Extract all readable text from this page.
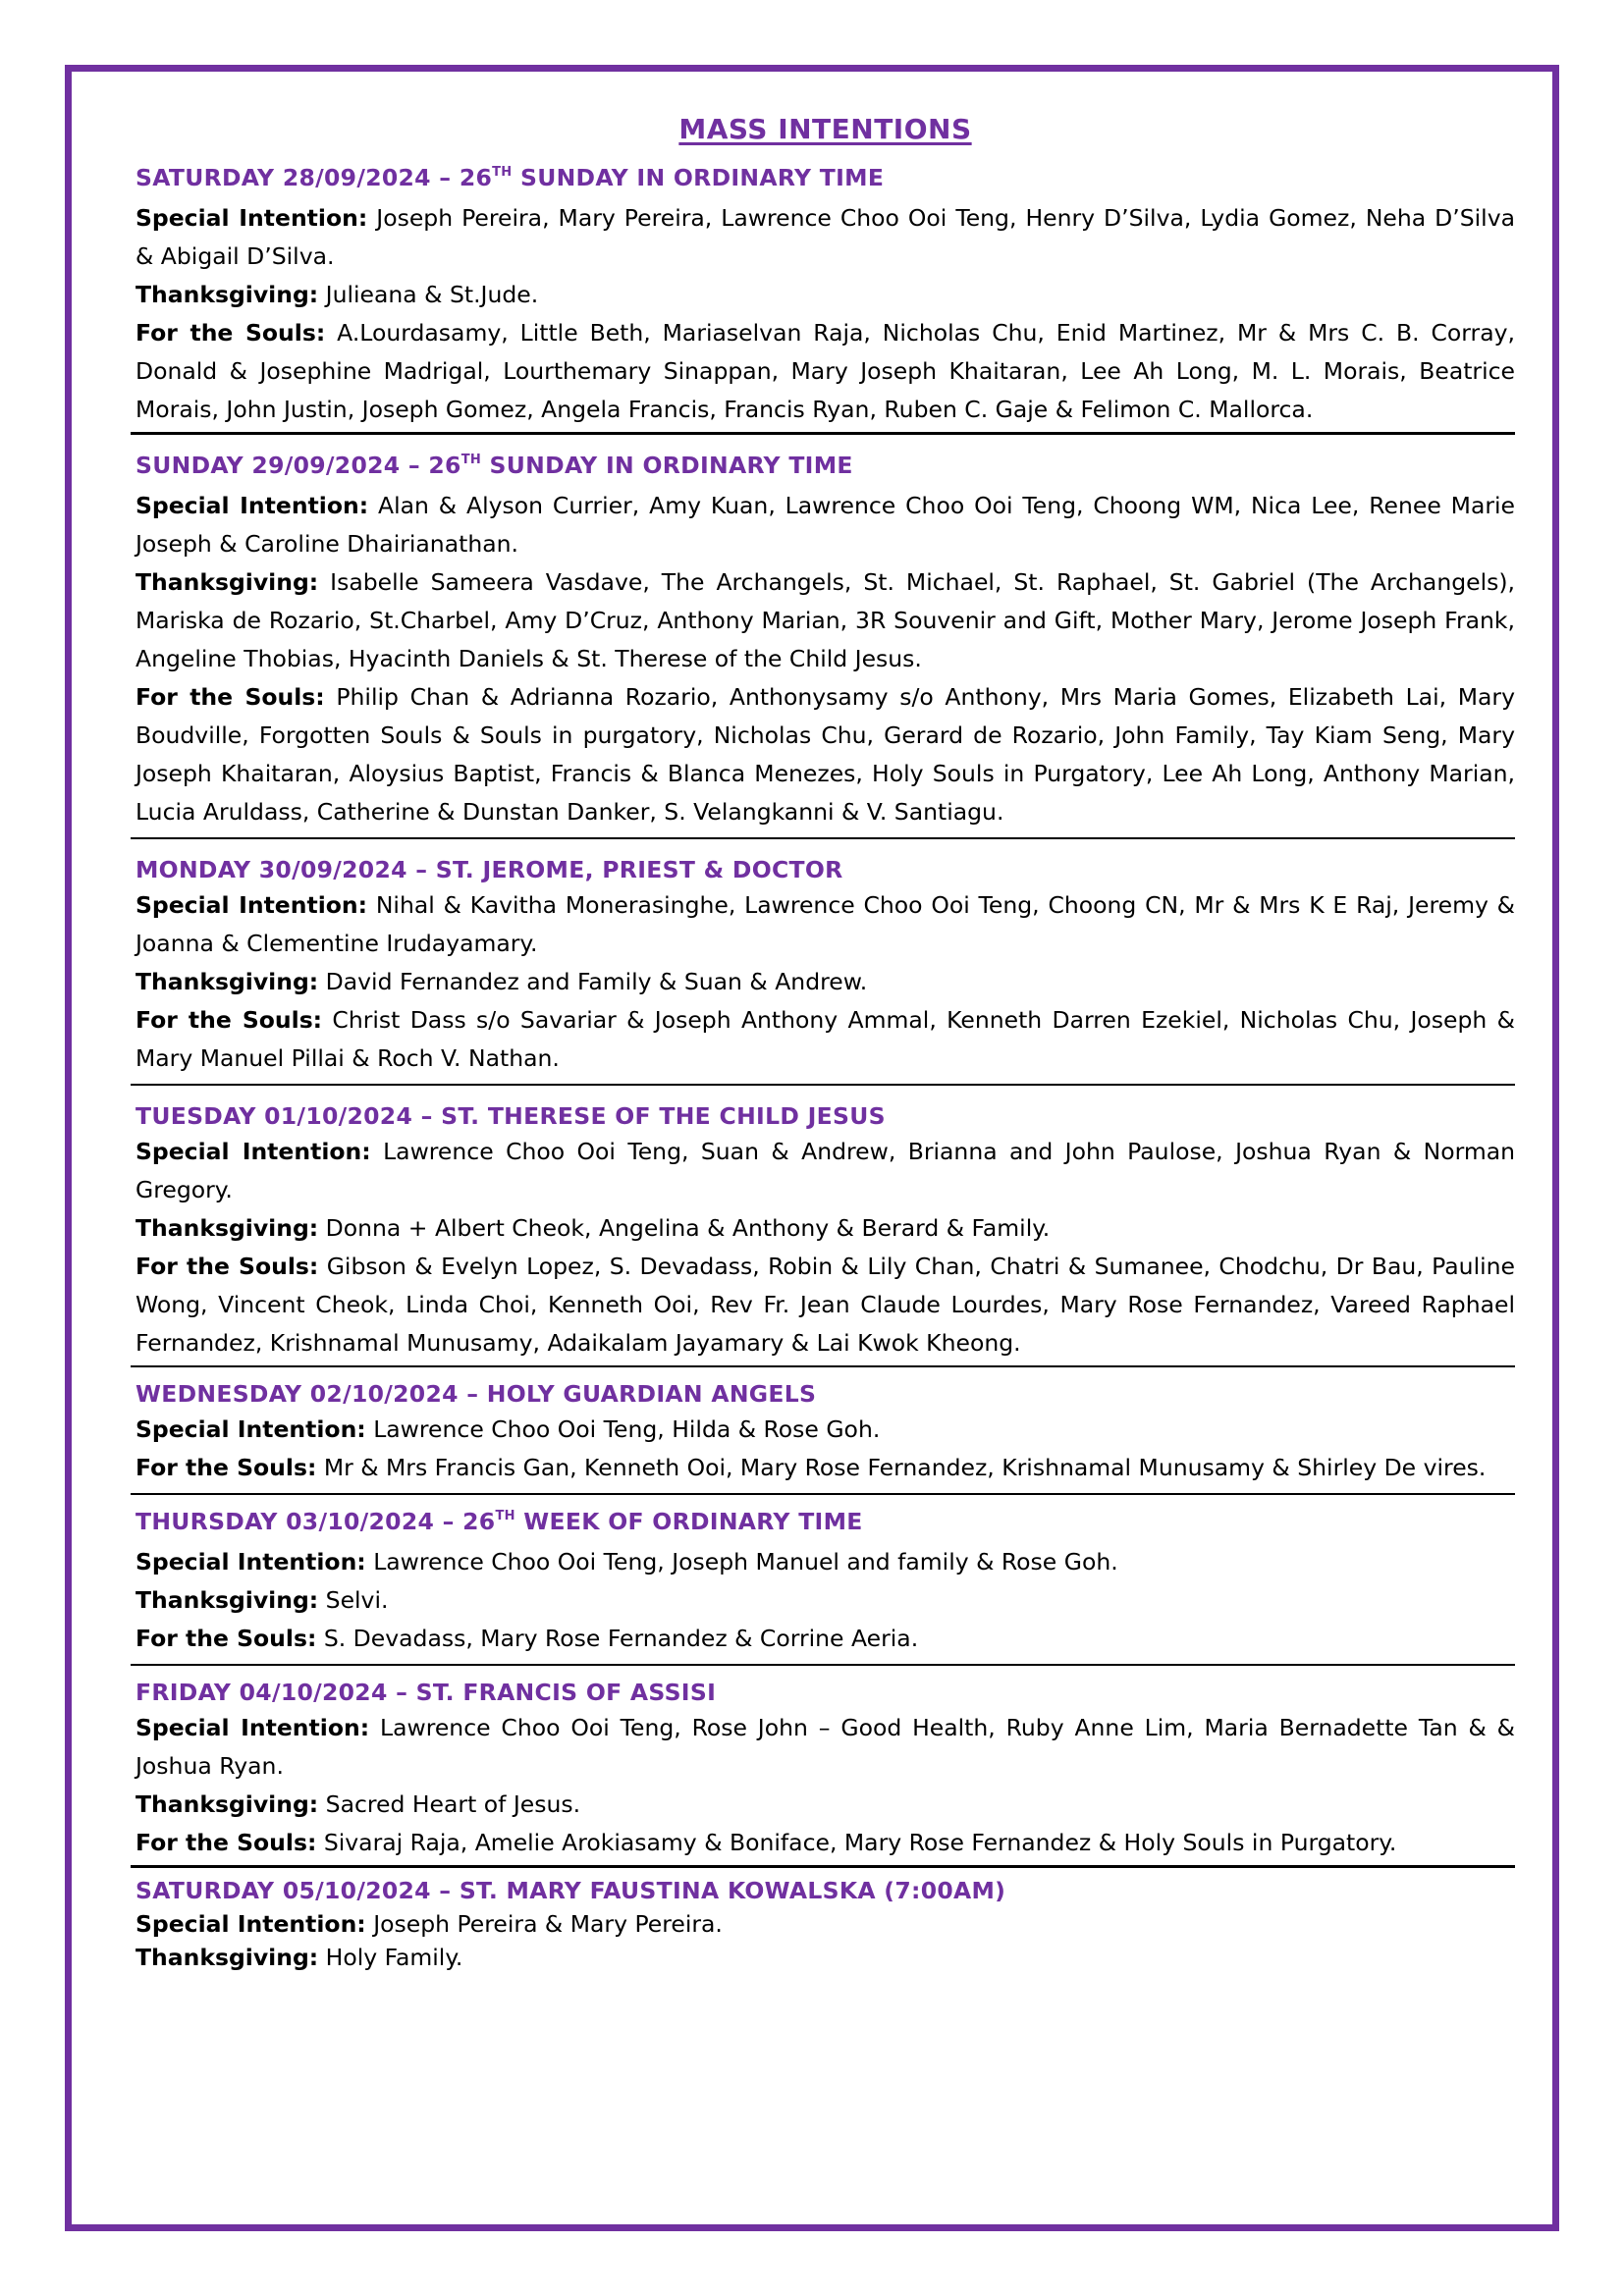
MASS INTENTIONS
SATURDAY 28/09/2024 – 26TH SUNDAY IN ORDINARY TIME
Special Intention: Joseph Pereira, Mary Pereira, Lawrence Choo Ooi Teng, Henry D’Silva, Lydia Gomez, Neha D’Silva & Abigail D’Silva.
Thanksgiving: Julieana & St.Jude.
For the Souls: A.Lourdasamy, Little Beth, Mariaselvan Raja, Nicholas Chu, Enid Martinez, Mr & Mrs C. B. Corray, Donald & Josephine Madrigal, Lourthemary Sinappan, Mary Joseph Khaitaran, Lee Ah Long, M. L. Morais, Beatrice Morais, John Justin, Joseph Gomez, Angela Francis, Francis Ryan, Ruben C. Gaje & Felimon C. Mallorca.
SUNDAY 29/09/2024 – 26TH SUNDAY IN ORDINARY TIME
Special Intention: Alan & Alyson Currier, Amy Kuan, Lawrence Choo Ooi Teng, Choong WM, Nica Lee, Renee Marie Joseph & Caroline Dhairianathan.
Thanksgiving: Isabelle Sameera Vasdave, The Archangels, St. Michael, St. Raphael, St. Gabriel (The Archangels), Mariska de Rozario, St.Charbel, Amy D’Cruz, Anthony Marian, 3R Souvenir and Gift, Mother Mary, Jerome Joseph Frank, Angeline Thobias, Hyacinth Daniels & St. Therese of the Child Jesus.
For the Souls: Philip Chan & Adrianna Rozario, Anthonysamy s/o Anthony, Mrs Maria Gomes, Elizabeth Lai, Mary Boudville, Forgotten Souls & Souls in purgatory, Nicholas Chu, Gerard de Rozario, John Family, Tay Kiam Seng, Mary Joseph Khaitaran, Aloysius Baptist, Francis & Blanca Menezes, Holy Souls in Purgatory, Lee Ah Long, Anthony Marian, Lucia Aruldass, Catherine & Dunstan Danker, S. Velangkanni & V. Santiagu.
MONDAY 30/09/2024 – ST. JEROME, PRIEST & DOCTOR
Special Intention: Nihal & Kavitha Monerasinghe, Lawrence Choo Ooi Teng, Choong CN, Mr & Mrs K E Raj, Jeremy & Joanna & Clementine Irudayamary.
Thanksgiving: David Fernandez and Family & Suan & Andrew.
For the Souls: Christ Dass s/o Savariar & Joseph Anthony Ammal, Kenneth Darren Ezekiel, Nicholas Chu, Joseph & Mary Manuel Pillai & Roch V. Nathan.
TUESDAY 01/10/2024 – ST. THERESE OF THE CHILD JESUS
Special Intention: Lawrence Choo Ooi Teng, Suan & Andrew, Brianna and John Paulose, Joshua Ryan & Norman Gregory.
Thanksgiving: Donna + Albert Cheok, Angelina & Anthony & Berard & Family.
For the Souls: Gibson & Evelyn Lopez, S. Devadass, Robin & Lily Chan, Chatri & Sumanee, Chodchu, Dr Bau, Pauline Wong, Vincent Cheok, Linda Choi, Kenneth Ooi, Rev Fr. Jean Claude Lourdes, Mary Rose Fernandez, Vareed Raphael Fernandez, Krishnamal Munusamy, Adaikalam Jayamary & Lai Kwok Kheong.
WEDNESDAY 02/10/2024 – HOLY GUARDIAN ANGELS
Special Intention: Lawrence Choo Ooi Teng, Hilda & Rose Goh.
For the Souls: Mr & Mrs Francis Gan, Kenneth Ooi, Mary Rose Fernandez, Krishnamal Munusamy & Shirley De vires.
THURSDAY 03/10/2024 – 26TH WEEK OF ORDINARY TIME
Special Intention: Lawrence Choo Ooi Teng, Joseph Manuel and family & Rose Goh.
Thanksgiving: Selvi.
For the Souls: S. Devadass, Mary Rose Fernandez & Corrine Aeria.
FRIDAY 04/10/2024 – ST. FRANCIS OF ASSISI
Special Intention: Lawrence Choo Ooi Teng, Rose John – Good Health, Ruby Anne Lim, Maria Bernadette Tan & & Joshua Ryan.
Thanksgiving: Sacred Heart of Jesus.
For the Souls: Sivaraj Raja, Amelie Arokiasamy & Boniface, Mary Rose Fernandez & Holy Souls in Purgatory.
SATURDAY 05/10/2024 – ST. MARY FAUSTINA KOWALSKA (7:00AM)
Special Intention: Joseph Pereira & Mary Pereira.
Thanksgiving: Holy Family.
